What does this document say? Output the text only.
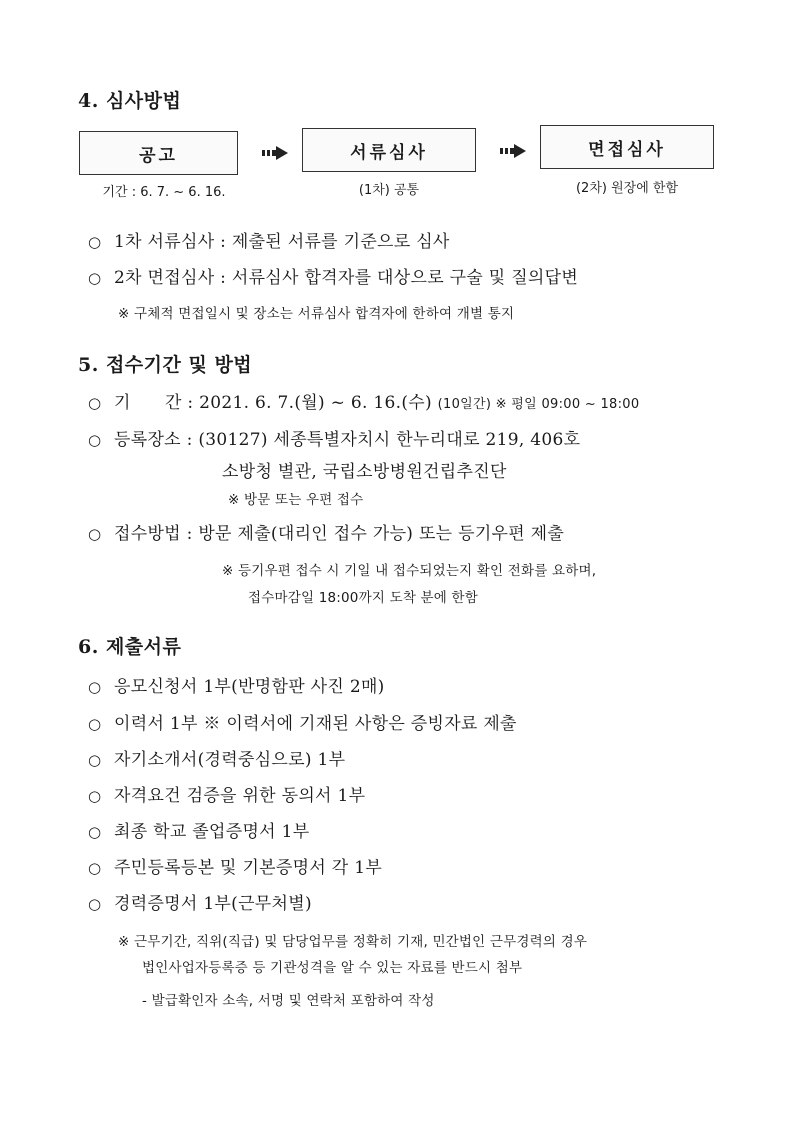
4. 심사방법
공고	서류심사	면접심사
기간 : 6. 7. ~ 6. 16.	(1차) 공통	(2차) 원장에 한함
○ 1차 서류심사 : 제출된 서류를 기준으로 심사
○ 2차 면접심사 : 서류심사 합격자를 대상으로 구술 및 질의답변
※ 구체적 면접일시 및 장소는 서류심사 합격자에 한하여 개별 통지
5. 접수기간 및 방법
○ 기      간 : 2021. 6. 7.(월) ~ 6. 16.(수) (10일간) ※ 평일 09:00 ~ 18:00
○ 등록장소 : (30127) 세종특별자치시 한누리대로 219, 406호
소방청 별관, 국립소방병원건립추진단
※ 방문 또는 우편 접수
○ 접수방법 : 방문 제출(대리인 접수 가능) 또는 등기우편 제출
※ 등기우편 접수 시 기일 내 접수되었는지 확인 전화를 요하며,
접수마감일 18:00까지 도착 분에 한함
6. 제출서류
○ 응모신청서 1부(반명함판 사진 2매)
○ 이력서 1부 ※ 이력서에 기재된 사항은 증빙자료 제출
○ 자기소개서(경력중심으로) 1부
○ 자격요건 검증을 위한 동의서 1부
○ 최종 학교 졸업증명서 1부
○ 주민등록등본 및 기본증명서 각 1부
○ 경력증명서 1부(근무처별)
※ 근무기간, 직위(직급) 및 담당업무를 정확히 기재, 민간법인 근무경력의 경우
법인사업자등록증 등 기관성격을 알 수 있는 자료를 반드시 첨부
- 발급확인자 소속, 서명 및 연락처 포함하여 작성
